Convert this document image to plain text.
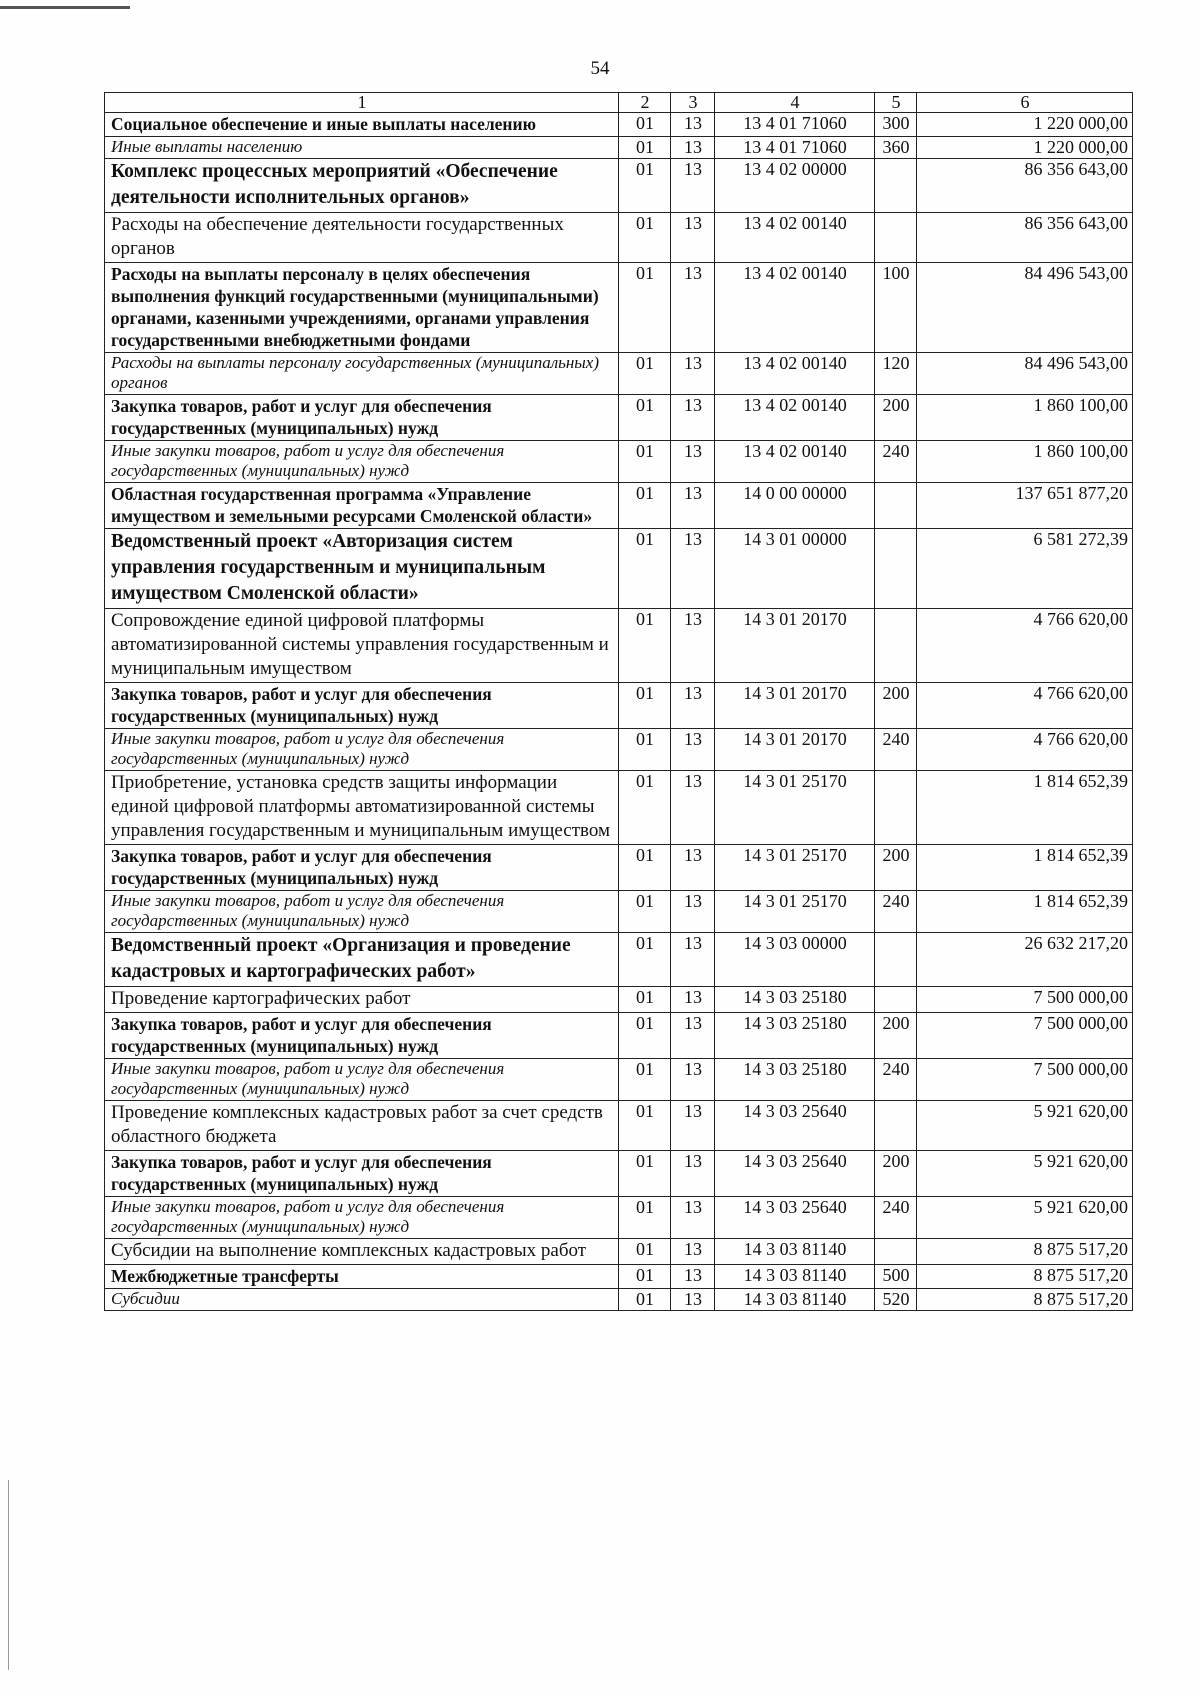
54
1	2	3	4	5	6
Социальное обеспечение и иные выплаты населению	01	13	13 4 01 71060	300	1 220 000,00
Иные выплаты населению	01	13	13 4 01 71060	360	1 220 000,00
Комплекс процессных мероприятий «Обеспечение деятельности исполнительных органов»	01	13	13 4 02 00000		86 356 643,00
Расходы на обеспечение деятельности государственных органов	01	13	13 4 02 00140		86 356 643,00
Расходы на выплаты персоналу в целях обеспечения выполнения функций государственными (муниципальными) органами, казенными учреждениями, органами управления государственными внебюджетными фондами	01	13	13 4 02 00140	100	84 496 543,00
Расходы на выплаты персоналу государственных (муниципальных) органов	01	13	13 4 02 00140	120	84 496 543,00
Закупка товаров, работ и услуг для обеспечения государственных (муниципальных) нужд	01	13	13 4 02 00140	200	1 860 100,00
Иные закупки товаров, работ и услуг для обеспечения государственных (муниципальных) нужд	01	13	13 4 02 00140	240	1 860 100,00
Областная государственная программа «Управление имуществом и земельными ресурсами Смоленской области»	01	13	14 0 00 00000		137 651 877,20
Ведомственный проект «Авторизация систем управления государственным и муниципальным имуществом Смоленской области»	01	13	14 3 01 00000		6 581 272,39
Сопровождение единой цифровой платформы автоматизированной системы управления государственным и муниципальным имуществом	01	13	14 3 01 20170		4 766 620,00
Закупка товаров, работ и услуг для обеспечения государственных (муниципальных) нужд	01	13	14 3 01 20170	200	4 766 620,00
Иные закупки товаров, работ и услуг для обеспечения государственных (муниципальных) нужд	01	13	14 3 01 20170	240	4 766 620,00
Приобретение, установка средств защиты информации единой цифровой платформы автоматизированной системы управления государственным и муниципальным имуществом	01	13	14 3 01 25170		1 814 652,39
Закупка товаров, работ и услуг для обеспечения государственных (муниципальных) нужд	01	13	14 3 01 25170	200	1 814 652,39
Иные закупки товаров, работ и услуг для обеспечения государственных (муниципальных) нужд	01	13	14 3 01 25170	240	1 814 652,39
Ведомственный проект «Организация и проведение кадастровых и картографических работ»	01	13	14 3 03 00000		26 632 217,20
Проведение картографических работ	01	13	14 3 03 25180		7 500 000,00
Закупка товаров, работ и услуг для обеспечения государственных (муниципальных) нужд	01	13	14 3 03 25180	200	7 500 000,00
Иные закупки товаров, работ и услуг для обеспечения государственных (муниципальных) нужд	01	13	14 3 03 25180	240	7 500 000,00
Проведение комплексных кадастровых работ за счет средств областного бюджета	01	13	14 3 03 25640		5 921 620,00
Закупка товаров, работ и услуг для обеспечения государственных (муниципальных) нужд	01	13	14 3 03 25640	200	5 921 620,00
Иные закупки товаров, работ и услуг для обеспечения государственных (муниципальных) нужд	01	13	14 3 03 25640	240	5 921 620,00
Субсидии на выполнение комплексных кадастровых работ	01	13	14 3 03 81140		8 875 517,20
Межбюджетные трансферты	01	13	14 3 03 81140	500	8 875 517,20
Субсидии	01	13	14 3 03 81140	520	8 875 517,20
